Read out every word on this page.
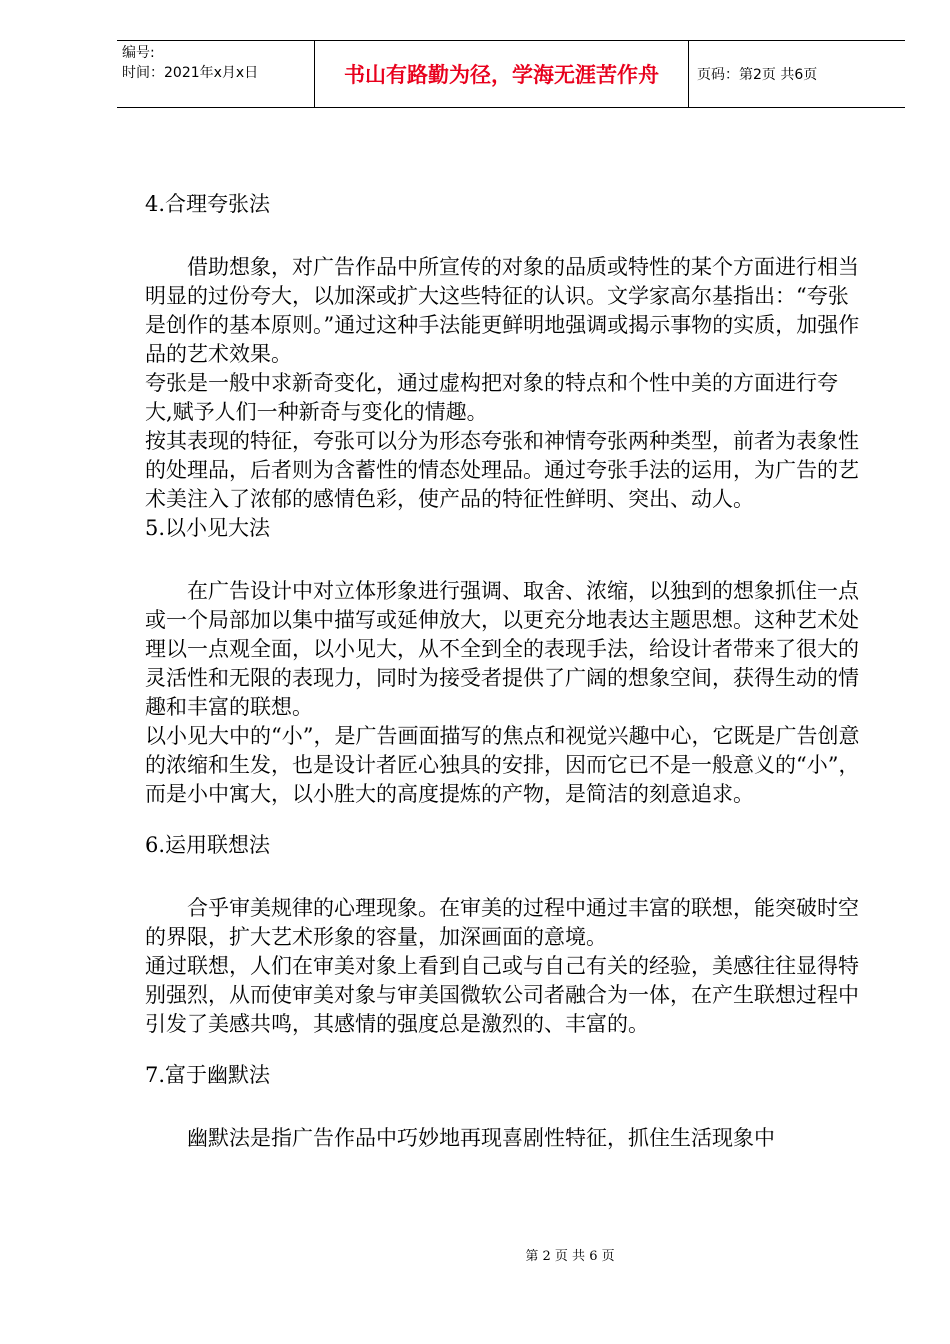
编号:
时间：2021年x月x日	书山有路勤为径，学海无涯苦作舟	页码：第2页 共6页

4.合理夸张法

借助想象，对广告作品中所宣传的对象的品质或特性的某个方面进行相当明显的过份夸大，以加深或扩大这些特征的认识。文学家高尔基指出：“夸张是创作的基本原则。”通过这种手法能更鲜明地强调或揭示事物的实质，加强作品的艺术效果。

夸张是一般中求新奇变化，通过虚构把对象的特点和个性中美的方面进行夸大,赋予人们一种新奇与变化的情趣。

按其表现的特征，夸张可以分为形态夸张和神情夸张两种类型，前者为表象性的处理品，后者则为含蓄性的情态处理品。通过夸张手法的运用，为广告的艺术美注入了浓郁的感情色彩，使产品的特征性鲜明、突出、动人。

5.以小见大法

在广告设计中对立体形象进行强调、取舍、浓缩，以独到的想象抓住一点或一个局部加以集中描写或延伸放大，以更充分地表达主题思想。这种艺术处理以一点观全面，以小见大，从不全到全的表现手法，给设计者带来了很大的灵活性和无限的表现力，同时为接受者提供了广阔的想象空间，获得生动的情趣和丰富的联想。

以小见大中的“小”，是广告画面描写的焦点和视觉兴趣中心，它既是广告创意的浓缩和生发，也是设计者匠心独具的安排，因而它已不是一般意义的“小”，而是小中寓大，以小胜大的高度提炼的产物，是简洁的刻意追求。

6.运用联想法

合乎审美规律的心理现象。在审美的过程中通过丰富的联想，能突破时空的界限，扩大艺术形象的容量，加深画面的意境。

通过联想，人们在审美对象上看到自己或与自己有关的经验，美感往往显得特别强烈，从而使审美对象与审美国微软公司者融合为一体，在产生联想过程中引发了美感共鸣，其感情的强度总是激烈的、丰富的。

7.富于幽默法

幽默法是指广告作品中巧妙地再现喜剧性特征，抓住生活现象中

第 2 页 共 6 页
